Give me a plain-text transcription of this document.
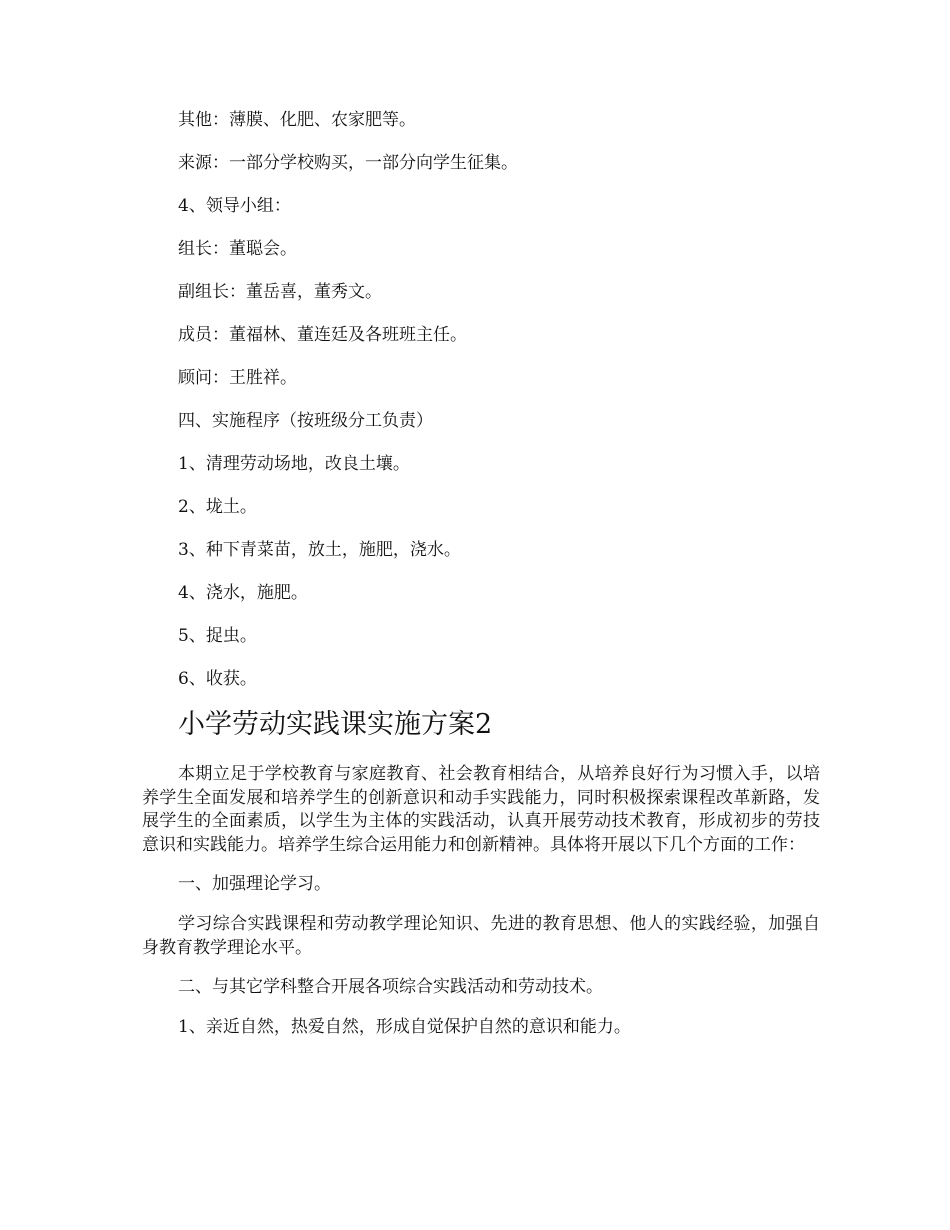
其他：薄膜、化肥、农家肥等。

来源：一部分学校购买，一部分向学生征集。

4、领导小组：

组长：董聪会。

副组长：董岳喜，董秀文。

成员：董福林、董连廷及各班班主任。

顾问：王胜祥。

四、实施程序（按班级分工负责）

1、清理劳动场地，改良土壤。

2、垅土。

3、种下青菜苗，放土，施肥，浇水。

4、浇水，施肥。

5、捉虫。

6、收获。

小学劳动实践课实施方案2

本期立足于学校教育与家庭教育、社会教育相结合，从培养良好行为习惯入手，以培养学生全面发展和培养学生的创新意识和动手实践能力，同时积极探索课程改革新路，发展学生的全面素质，以学生为主体的实践活动，认真开展劳动技术教育，形成初步的劳技意识和实践能力。培养学生综合运用能力和创新精神。具体将开展以下几个方面的工作：

一、加强理论学习。

学习综合实践课程和劳动教学理论知识、先进的教育思想、他人的实践经验，加强自身教育教学理论水平。

二、与其它学科整合开展各项综合实践活动和劳动技术。

1、亲近自然，热爱自然，形成自觉保护自然的意识和能力。
